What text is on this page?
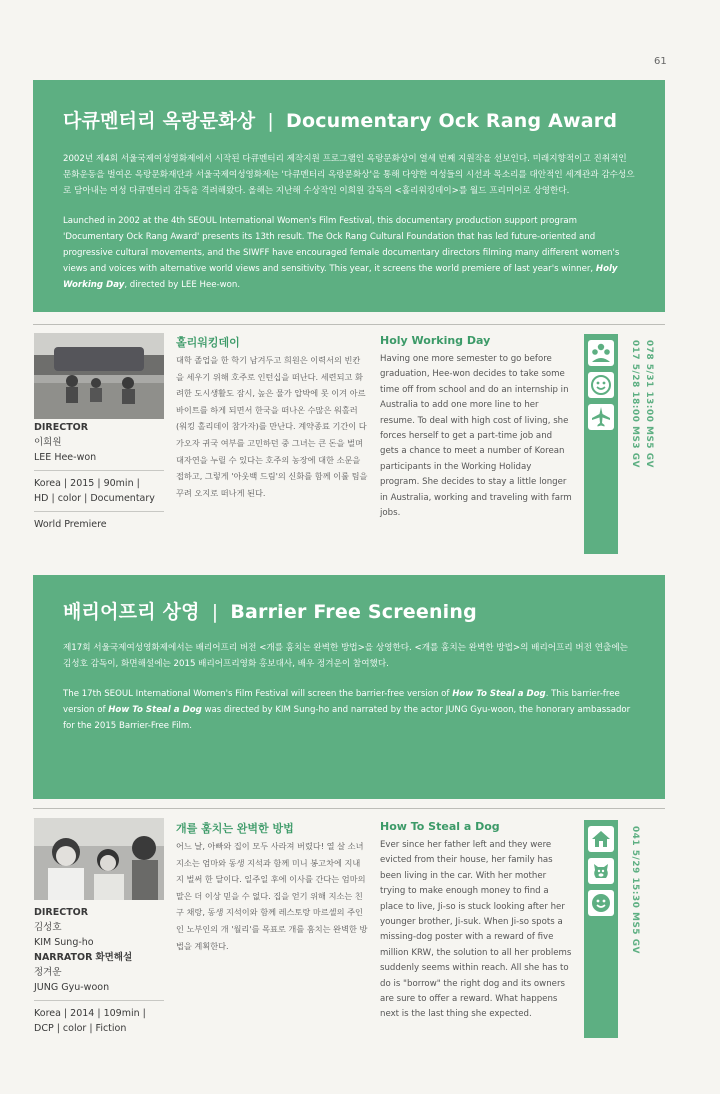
61
다큐멘터리 옥랑문화상 | Documentary Ock Rang Award

2002년 제4회 서울국제여성영화제에서 시작된 다큐멘터리 제작지원 프로그램인 옥랑문화상이 열세 번째 지원작을 선보인다. 미래지향적이고 진취적인 문화운동을 벌여온 옥랑문화재단과 서울국제여성영화제는 '다큐멘터리 옥랑문화상'을 통해 다양한 여성들의 시선과 목소리를 대안적인 세계관과 감수성으로 담아내는 여성 다큐멘터리 감독을 격려해왔다. 올해는 지난해 수상작인 이희원 감독의 <홀리워킹데이>를 월드 프리미어로 상영한다.

Launched in 2002 at the 4th SEOUL International Women's Film Festival, this documentary production support program 'Documentary Ock Rang Award' presents its 13th result. The Ock Rang Cultural Foundation that has led future-oriented and progressive cultural movements, and the SIWFF have encouraged female documentary directors filming many different women's views and voices with alternative world views and sensitivity. This year, it screens the world premiere of last year's winner, Holy Working Day, directed by LEE Hee-won.

DIRECTOR
이희원
LEE Hee-won
Korea | 2015 | 90min |
HD | color | Documentary
World Premiere
홀리워킹데이
대학 졸업을 한 학기 남겨두고 희원은 이력서의 빈칸을 세우기 위해 호주로 인턴십을 떠난다. 세련되고 화려한 도시생활도 잠시, 높은 물가 압박에 못 이겨 아르바이트를 하게 되면서 한국을 떠나온 수많은 워홀러(워킹 홀리데이 참가자)를 만난다. 계약종료 기간이 다가오자 귀국 여부를 고민하던 중 그녀는 큰 돈을 벌며 대자연을 누릴 수 있다는 호주의 농장에 대한 소문을 접하고, 그렇게 '아웃백 드림'의 신화를 함께 이룰 팀을 꾸려 오지로 떠나게 된다.
Holy Working Day
Having one more semester to go before graduation, Hee-won decides to take some time off from school and do an internship in Australia to add one more line to her resume. To deal with high cost of living, she forces herself to get a part-time job and gets a chance to meet a number of Korean participants in the Working Holiday program. She decides to stay a little longer in Australia, working and traveling with farm jobs.
017 5/28 18:00 MS3 GV 078 5/31 13:00 MS5 GV
배리어프리 상영 | Barrier Free Screening

제17회 서울국제여성영화제에서는 배리어프리 버전 <개를 훔치는 완벽한 방법>을 상영한다. <개를 훔치는 완벽한 방법>의 배리어프리 버전 연출에는 김성호 감독이, 화면해설에는 2015 배리어프리영화 홍보대사, 배우 정겨운이 참여했다.

The 17th SEOUL International Women's Film Festival will screen the barrier-free version of How To Steal a Dog. This barrier-free version of How To Steal a Dog was directed by KIM Sung-ho and narrated by the actor JUNG Gyu-woon, the honorary ambassador for the 2015 Barrier-Free Film.

DIRECTOR
김성호
KIM Sung-ho
NARRATOR 화면해설
정겨운
JUNG Gyu-woon
Korea | 2014 | 109min |
DCP | color | Fiction
개를 훔치는 완벽한 방법
어느 날, 아빠와 집이 모두 사라져 버렸다! 열 살 소녀 지소는 엄마와 동생 지석과 함께 미니 봉고차에 지내지 벌써 한 달이다. 일주일 후에 이사를 간다는 엄마의 말은 더 이상 믿을 수 없다. 집을 얻기 위해 지소는 친구 채랑, 동생 지석이와 함께 레스토랑 마르셀의 주인인 노부인의 개 '월리'를 목표로 개를 훔치는 완벽한 방법을 계획한다.
How To Steal a Dog
Ever since her father left and they were evicted from their house, her family has been living in the car. With her mother trying to make enough money to find a place to live, Ji-so is stuck looking after her younger brother, Ji-suk. When Ji-so spots a missing-dog poster with a reward of five million KRW, the solution to all her problems suddenly seems within reach. All she has to do is "borrow" the right dog and its owners are sure to offer a reward. What happens next is the last thing she expected.
041 5/29 15:30 MS5 GV
